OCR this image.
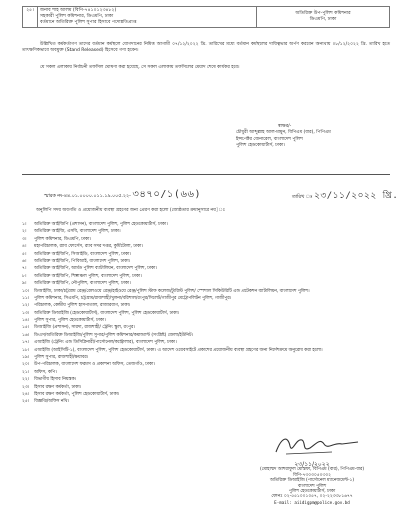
২৫।	জনাব শাহ আলম (বিপি-৭৪১০১২৩৪৮২)
সহকারী পুলিশ কমিশনার, ডিএমপি, ঢাকা
বর্তমানে অতিরিক্ত পুলিশ সুপার হিসাবে পদোন্নতিপ্রাপ্ত

অতিরিক্ত উপ-পুলিশ কমিশনার
ডিএমপি, ঢাকা
উল্লিখিত কর্মকর্তাগণ তাদের বর্তমান কর্মস্থলে যোগদানের নিমিত্ত আগামী ০৭/১২/২০২২ খ্রি. তারিখের মধ্যে বর্তমান কর্মস্থলের দায়িত্বভার অর্পণ করবেন অন্যথায় ০৮/১২/২০২২ খ্রি. তারিখ হতে তাৎক্ষণিকভাবে অবমুক্ত (Stand Released) হিসেবে গণ্য হবেন।
যে সকল এলাকায় নির্বাচনী তফসিল ঘোষণা করা হয়েছে, সে সকল এলাকায় তফসিলের মেয়াদ শেষে কার্যকর হবে।
স্বাক্ষর/-
চৌধুরী আব্দুল্লাহ আল-মামুন, বিপিএম (বার), পিপিএম
ইন্সপেক্টর জেনারেল, বাংলাদেশ পুলিশ
পুলিশ হেডকোয়ার্টার্স, ঢাকা।
স্মারক নং-৪৪.০১.০০০০.০১১.১৯.০০৫.২২- ৩৪৭০/১(৬৬)	তারিখ ঃ ২৩/১১/২০২২ খ্রি.
অনুলিপি সদয় অবগতি ও প্রয়োজনীয় ব্যবস্থা গ্রহণের জন্য প্রেরণ করা হলো (জ্যেষ্ঠতার ক্রমানুসারে নয়)ঃ
১।	অতিরিক্ত আইজিপি (প্রশাসন), বাংলাদেশ পুলিশ, পুলিশ হেডকোয়ার্টার্স, ঢাকা।
২।	অতিরিক্ত আইজি, এসবি, বাংলাদেশ পুলিশ, ঢাকা।
৩।	পুলিশ কমিশনার, ডিএমপি, ঢাকা।
৪।	মহাপরিচালক, র‍্যাব ফোর্সেস, র‍্যাব সদর দপ্তর, কুর্মিটোলা, ঢাকা।
৫।	অতিরিক্ত আইজিপি, সিআইডি, বাংলাদেশ পুলিশ, ঢাকা।
৬।	অতিরিক্ত আইজিপি, পিবিআই, বাংলাদেশ পুলিশ, ঢাকা।
৭।	অতিরিক্ত আইজিপি, আর্মড পুলিশ ব্যাটালিয়ন, বাংলাদেশ পুলিশ, ঢাকা।
৮।	অতিরিক্ত আইজিপি, শিল্পাঞ্চল পুলিশ, বাংলাদেশ পুলিশ, ঢাকা।
৯।	অতিরিক্ত আইজিপি, নৌপুলিশ, বাংলাদেশ পুলিশ, ঢাকা।
১০।	ডিআইজি, ঢাকা/চট্টগ্রাম রেঞ্জ/রেলওয়ে রেঞ্জ/হাইওয়ে রেঞ্জ/পুলিশ স্টাফ কলেজ/ট্যুরিস্ট পুলিশ/ স্পেশাল সিকিউরিটি এন্ড প্রটেকশন ব্যাটালিয়ন, বাংলাদেশ পুলিশ।
১১।	পুলিশ কমিশনার, সিএমপি, চট্টগ্রাম/রাজশাহী/খুলনা/বরিশাল/রংপুর/সিলেট/গাজীপুর মেট্রোপলিটন পুলিশ, গাজীপুর।
১২।	পরিচালক, কেন্দ্রীয় পুলিশ হাসপাতাল, রাজারবাগ, ঢাকা।
১৩।	অতিরিক্ত ডিআইজি (হেডকোয়ার্টার্স), বাংলাদেশ পুলিশ, পুলিশ হেডকোয়ার্টার্স, ঢাকা।
১৪।	পুলিশ সুপার, পুলিশ হেডকোয়ার্টার্স, ঢাকা।
১৫।	ডিআইজি (প্রশাসন), সারদা, রাজশাহী/ ট্রেনিং স্কুল, রংপুর।
১৬।	ডিএস/অতিরিক্ত ডিআইজি/পুলিশ সুপার/পুলিশ কমিশনার/কমান্ড্যান্ট (সংশ্লিষ্ট) জেলা/ইউনিট।
১৭।	এআইজি (ট্রেনিং এন্ড ডিসিপ্লিনারী/পার্সোনেল/কন্ট্রোলার), বাংলাদেশ পুলিশ, ঢাকা।
১৮।	এআইজি (আইসিটি-১), বাংলাদেশ পুলিশ, পুলিশ হেডকোয়ার্টার্স, ঢাকা। এ আদেশ ওয়েবসাইটে প্রকাশের প্রয়োজনীয় ব্যবস্থা গ্রহণের জন্য নির্দেশক্রমে অনুরোধ করা হলো।
১৯।	পুলিশ সুপার, রাজশাহী/ক্ষয়াবর।
২০।	উপ-পরিচালক, বাংলাদেশ ফরমস ও প্রকাশনা অফিস, তেজগাঁও, ঢাকা।
২১।	অফিস, কপি।
২২।	বিভাগীয় হিসাব নিয়ন্ত্রক।
২৩।	হিসাব রক্ষণ কর্মকর্তা, ঢাকা।
২৪।	হিসাব রক্ষণ কর্মকর্তা, পুলিশ হেডকোয়ার্টার্স, ঢাকা।
২৫।	বিজ্ঞপ্তি/অফিস নথি।
২৩/১১/২০২২
(মোহাম্মদ আশরাফুল মোস্তফা, বিপিএম (বার), পিপিএম-বার)
বিপি-৭৩০৩০৫০৩০২
অতিরিক্ত ডিআইজি (পার্সোনেল ম্যানেজমেন্ট-১)
বাংলাদেশ পুলিশ
পুলিশ হেডকোয়ার্টার্স, ঢাকা
ফোনঃ ০২-৫৫১০০১০৫৭, ০২-২২৩৩৮১৬৭৭
E-mail: aiidigpm@police.gov.bd
